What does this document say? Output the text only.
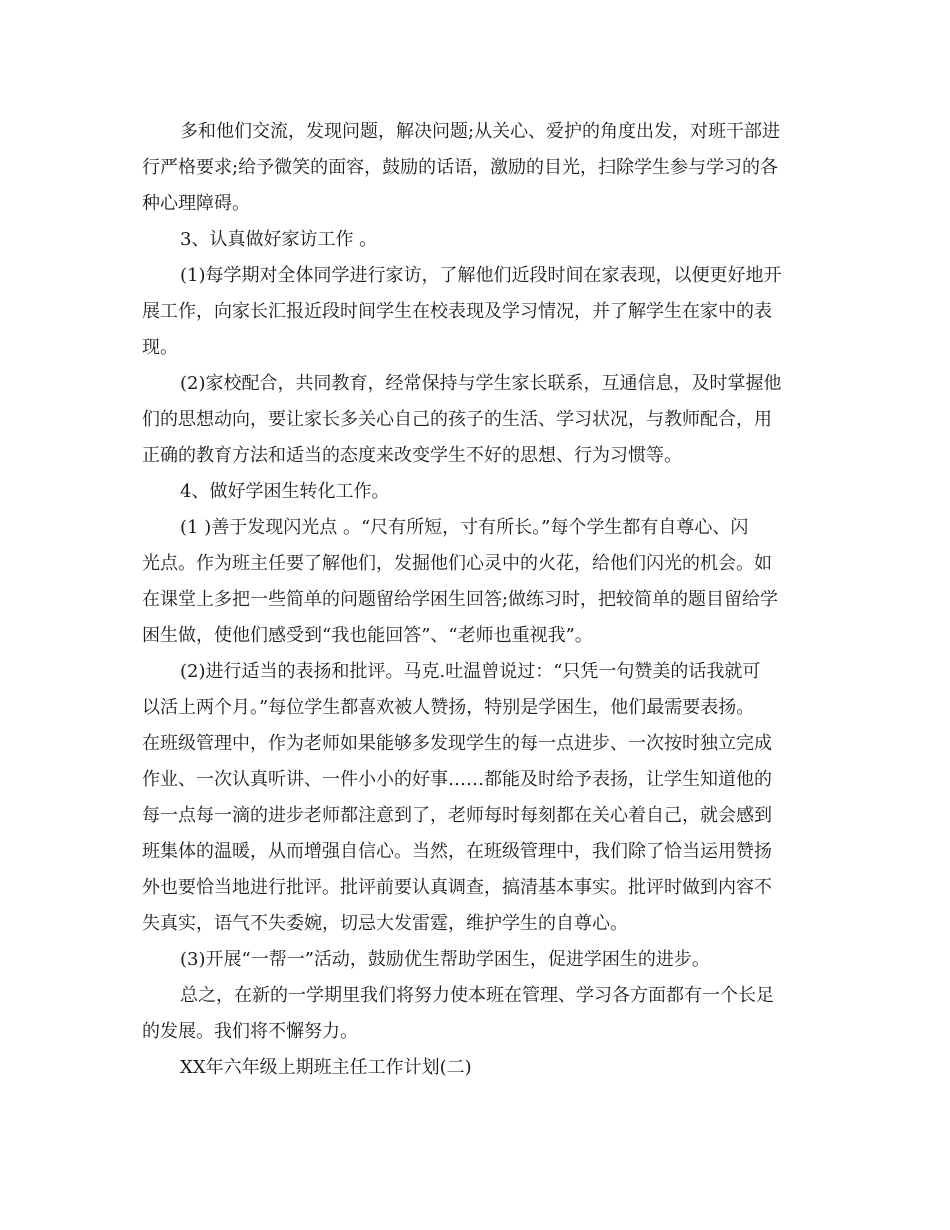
多和他们交流，发现问题，解决问题;从关心、爱护的角度出发，对班干部进
行严格要求;给予微笑的面容，鼓励的话语，激励的目光，扫除学生参与学习的各
种心理障碍。
3、认真做好家访工作 。
(1)每学期对全体同学进行家访，了解他们近段时间在家表现，以便更好地开
展工作，向家长汇报近段时间学生在校表现及学习情况，并了解学生在家中的表
现。
(2)家校配合，共同教育，经常保持与学生家长联系，互通信息，及时掌握他
们的思想动向，要让家长多关心自己的孩子的生活、学习状况，与教师配合，用
正确的教育方法和适当的态度来改变学生不好的思想、行为习惯等。
4、做好学困生转化工作。
(1 )善于发现闪光点 。“尺有所短，寸有所长。”每个学生都有自尊心、闪
光点。作为班主任要了解他们，发掘他们心灵中的火花，给他们闪光的机会。如
在课堂上多把一些简单的问题留给学困生回答;做练习时，把较简单的题目留给学
困生做，使他们感受到“我也能回答”、“老师也重视我”。
(2)进行适当的表扬和批评。马克.吐温曾说过：“只凭一句赞美的话我就可
以活上两个月。”每位学生都喜欢被人赞扬，特别是学困生，他们最需要表扬。
在班级管理中，作为老师如果能够多发现学生的每一点进步、一次按时独立完成
作业、一次认真听讲、一件小小的好事……都能及时给予表扬，让学生知道他的
每一点每一滴的进步老师都注意到了，老师每时每刻都在关心着自己，就会感到
班集体的温暖，从而增强自信心。当然，在班级管理中，我们除了恰当运用赞扬
外也要恰当地进行批评。批评前要认真调查，搞清基本事实。批评时做到内容不
失真实，语气不失委婉，切忌大发雷霆，维护学生的自尊心。
(3)开展“一帮一”活动，鼓励优生帮助学困生，促进学困生的进步。
总之，在新的一学期里我们将努力使本班在管理、学习各方面都有一个长足
的发展。我们将不懈努力。
XX年六年级上期班主任工作计划(二)
